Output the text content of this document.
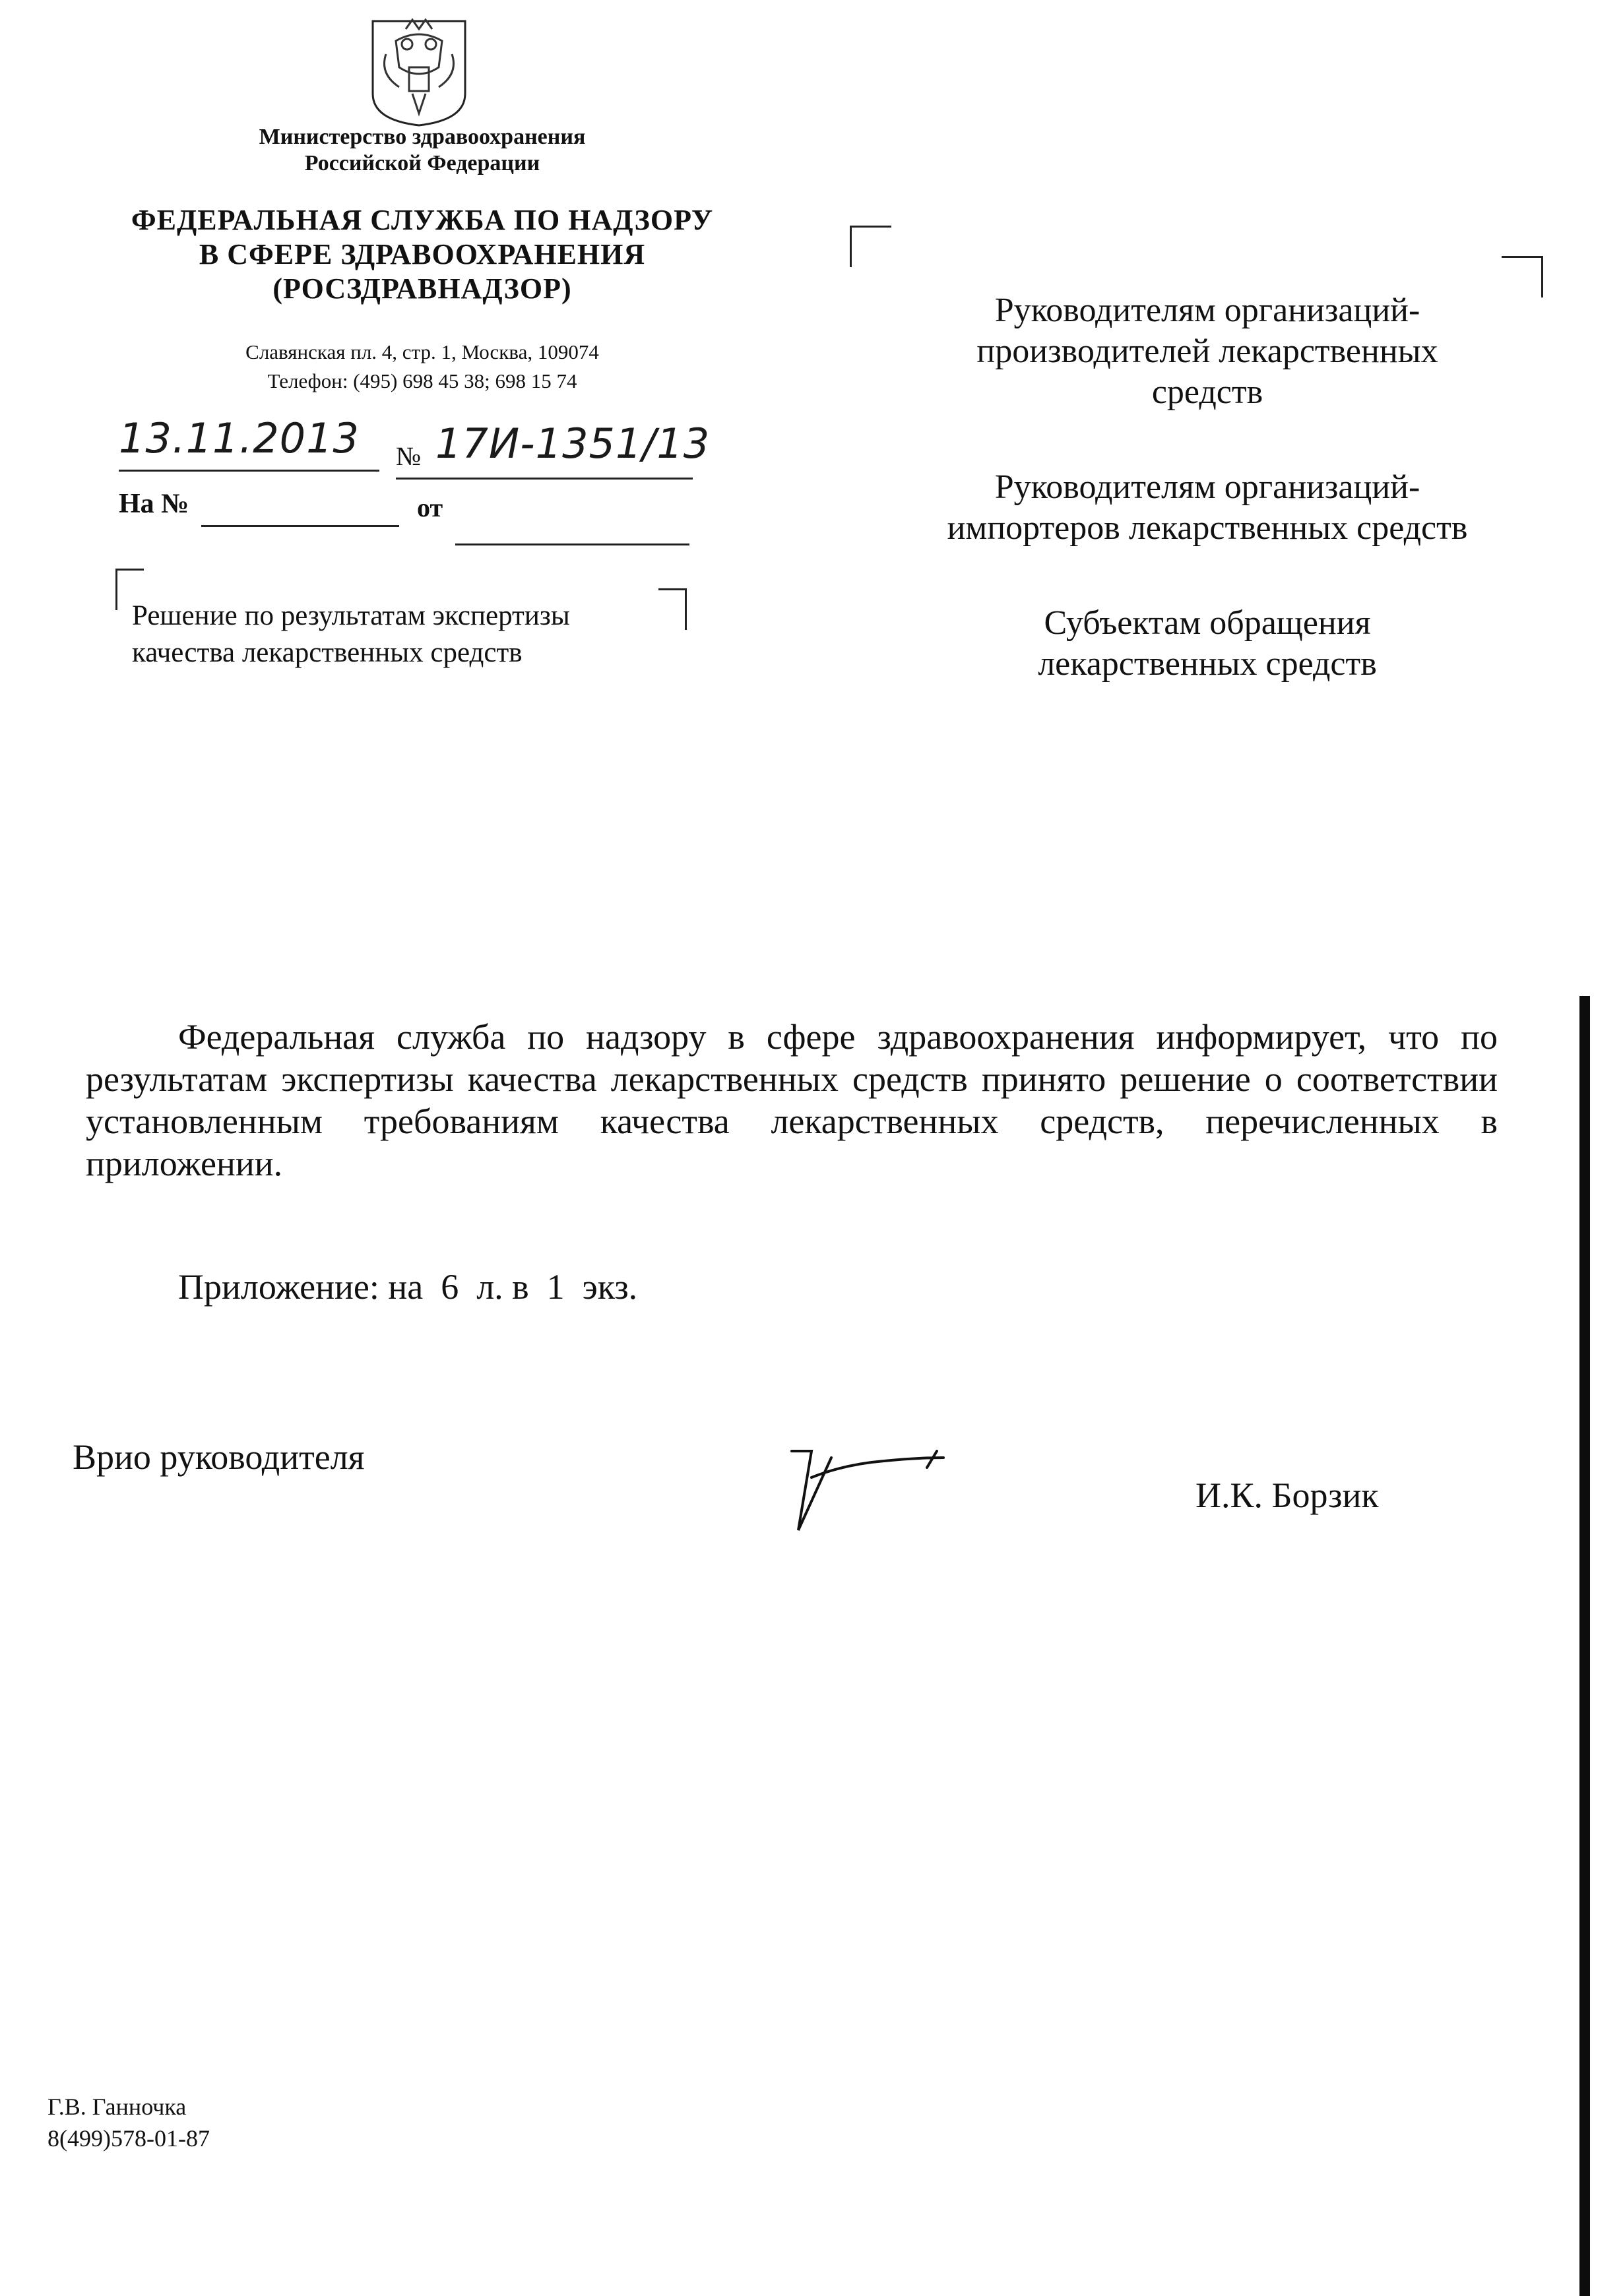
Министерство здравоохранения
Российской Федерации
ФЕДЕРАЛЬНАЯ СЛУЖБА ПО НАДЗОРУ
В СФЕРЕ ЗДРАВООХРАНЕНИЯ
(РОСЗДРАВНАДЗОР)
Славянская пл. 4, стр. 1, Москва, 109074
Телефон: (495) 698 45 38; 698 15 74
13.11.2013 № 17И-1351/13
На №	от
Решение по результатам экспертизы
качества лекарственных средств

Руководителям организаций-
производителей лекарственных
средств

Руководителям организаций-
импортеров лекарственных средств

Субъектам обращения
лекарственных средств

Федеральная служба по надзору в сфере здравоохранения информирует, что по результатам экспертизы качества лекарственных средств принято решение о соответствии установленным требованиям качества лекарственных средств, перечисленных в приложении.
Приложение: на  6  л. в  1  экз.
Врио руководителя
И.К. Борзик
Г.В. Ганночка
8(499)578-01-87
